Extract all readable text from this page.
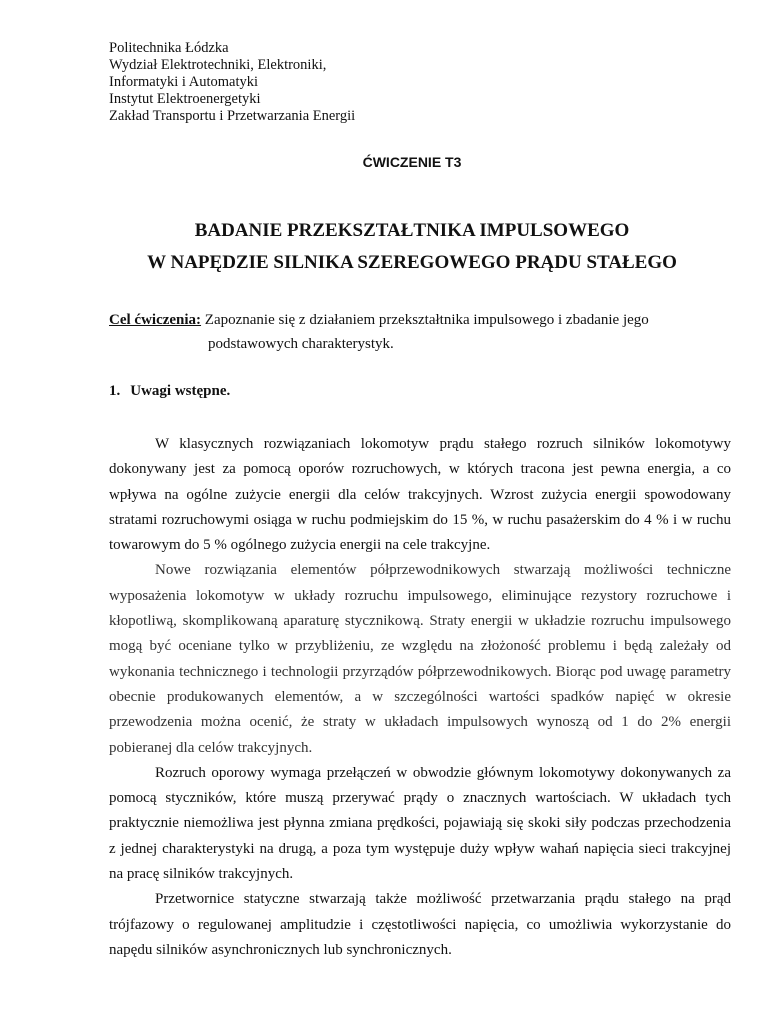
Politechnika Łódzka
Wydział Elektrotechniki, Elektroniki,
Informatyki i Automatyki
Instytut Elektroenergetyki
Zakład Transportu i Przetwarzania Energii
ĆWICZENIE T3
BADANIE PRZEKSZTAŁTNIKA IMPULSOWEGO
W NAPĘDZIE SILNIKA SZEREGOWEGO PRĄDU STAŁEGO
Cel ćwiczenia: Zapoznanie się z działaniem przekształtnika impulsowego i zbadanie jego
podstawowych charakterystyk.
1. Uwagi wstępne.

W klasycznych rozwiązaniach lokomotyw prądu stałego rozruch silników lokomotywy dokonywany jest za pomocą oporów rozruchowych, w których tracona jest pewna energia, a co wpływa na ogólne zużycie energii dla celów trakcyjnych. Wzrost zużycia energii spowodowany stratami rozruchowymi osiąga w ruchu podmiejskim do 15 %, w ruchu pasażerskim do 4 % i w ruchu towarowym do 5 % ogólnego zużycia energii na cele trakcyjne.

Nowe rozwiązania elementów półprzewodnikowych stwarzają możliwości techniczne wyposażenia lokomotyw w układy rozruchu impulsowego, eliminujące rezystory rozruchowe i kłopotliwą, skomplikowaną aparaturę stycznikową. Straty energii w układzie rozruchu impulsowego mogą być oceniane tylko w przybliżeniu, ze względu na złożoność problemu i będą zależały od wykonania technicznego i technologii przyrządów półprzewodnikowych. Biorąc pod uwagę parametry obecnie produkowanych elementów, a w szczególności wartości spadków napięć w okresie przewodzenia można ocenić, że straty w układach impulsowych wynoszą od 1 do 2% energii pobieranej dla celów trakcyjnych.

Rozruch oporowy wymaga przełączeń w obwodzie głównym lokomotywy dokonywanych za pomocą styczników, które muszą przerywać prądy o znacznych wartościach. W układach tych praktycznie niemożliwa jest płynna zmiana prędkości, pojawiają się skoki siły podczas przechodzenia z jednej charakterystyki na drugą, a poza tym występuje duży wpływ wahań napięcia sieci trakcyjnej na pracę silników trakcyjnych.

Przetwornice statyczne stwarzają także możliwość przetwarzania prądu stałego na prąd trójfazowy o regulowanej amplitudzie i częstotliwości napięcia, co umożliwia wykorzystanie do napędu silników asynchronicznych lub synchronicznych.
